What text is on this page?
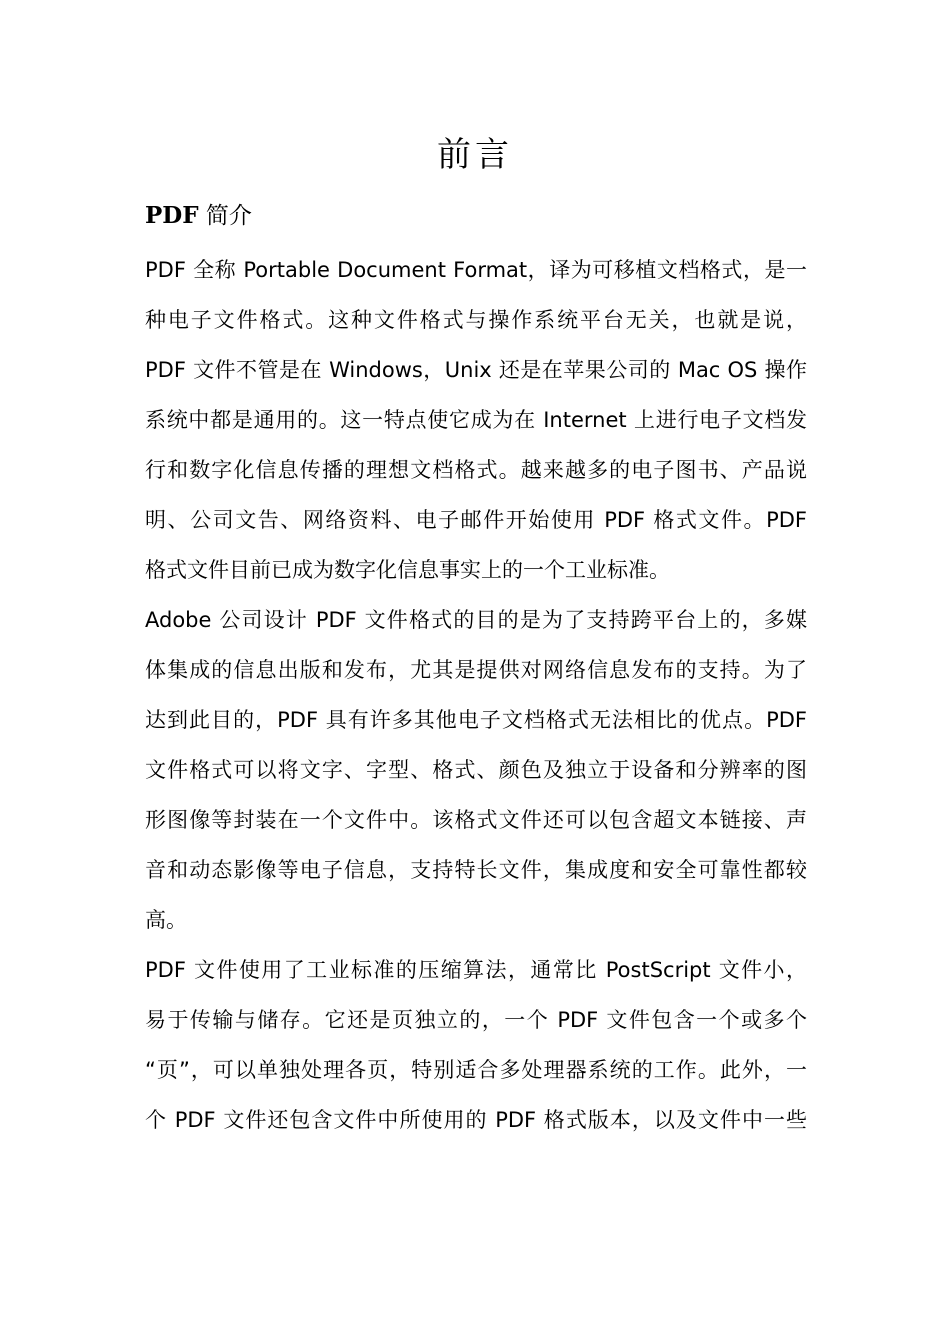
前言
PDF 简介
PDF 全称 Portable Document Format，译为可移植文档格式，是一
种电子文件格式。这种文件格式与操作系统平台无关，也就是说，
PDF 文件不管是在 Windows，Unix 还是在苹果公司的 Mac OS 操作
系统中都是通用的。这一特点使它成为在 Internet 上进行电子文档发
行和数字化信息传播的理想文档格式。越来越多的电子图书、产品说
明、公司文告、网络资料、电子邮件开始使用 PDF 格式文件。PDF
格式文件目前已成为数字化信息事实上的一个工业标准。
Adobe 公司设计 PDF 文件格式的目的是为了支持跨平台上的，多媒
体集成的信息出版和发布，尤其是提供对网络信息发布的支持。为了
达到此目的，PDF 具有许多其他电子文档格式无法相比的优点。PDF
文件格式可以将文字、字型、格式、颜色及独立于设备和分辨率的图
形图像等封装在一个文件中。该格式文件还可以包含超文本链接、声
音和动态影像等电子信息，支持特长文件，集成度和安全可靠性都较
高。
PDF 文件使用了工业标准的压缩算法，通常比 PostScript 文件小，
易于传输与储存。它还是页独立的，一个 PDF 文件包含一个或多个
“页”，可以单独处理各页，特别适合多处理器系统的工作。此外，一
个 PDF 文件还包含文件中所使用的 PDF 格式版本，以及文件中一些
